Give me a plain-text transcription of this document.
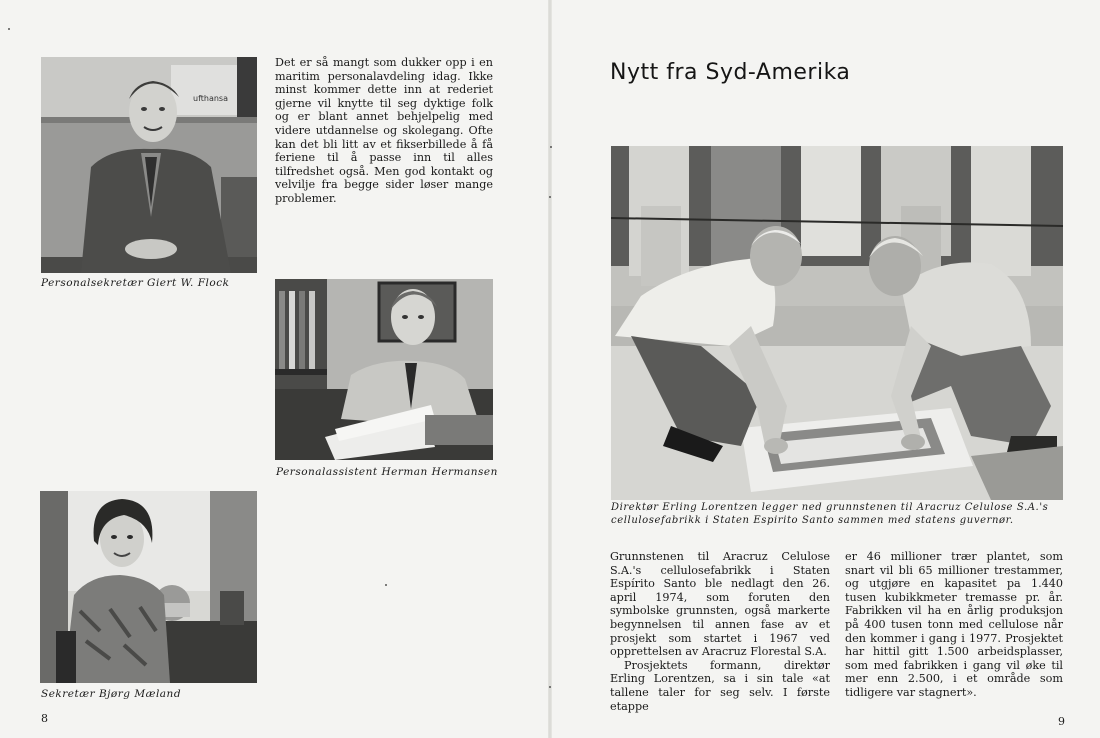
ufthansa
Personalsekretær Giert W. Flock

Det er så mangt som dukker opp i en maritim personalavdeling idag. Ikke minst kommer dette inn at rederiet gjerne vil knytte til seg dyktige folk og er blant annet behjelpelig med videre utdannelse og skolegang. Ofte kan det bli litt av et fikserbillede å få feriene til å passe inn til alles tilfredshet også. Men god kontakt og velvilje fra begge sider løser mange problemer.

Personalassistent Herman Hermansen
Sekretær Bjørg Mæland
8
Nytt fra Syd-Amerika
Direktør Erling Lorentzen legger ned grunnstenen til Aracruz Celulose S.A.'s cellulosefabrikk i Staten Espirito Santo sammen med statens guvernør.

Grunnstenen til Aracruz Celulose S.A.'s cellulosefabrikk i Staten Espírito Santo ble nedlagt den 26. april 1974, som foruten den symbolske grunnsten, også markerte begynnelsen til annen fase av et prosjekt som startet i 1967 ved opprettelsen av Aracruz Florestal S.A.

Prosjektets formann, direktør Erling Lorentzen, sa i sin tale «at tallene taler for seg selv. I første etappe

er 46 millioner trær plantet, som snart vil bli 65 millioner trestammer, og utgjøre en kapasitet pa 1.440 tusen kubikkmeter tremasse pr. år. Fabrikken vil ha en årlig produksjon på 400 tusen tonn med cellulose når den kommer i gang i 1977. Prosjektet har hittil gitt 1.500 arbeidsplasser, som med fabrikken i gang vil øke til mer enn 2.500, i et område som tidligere var stagnert».

9
